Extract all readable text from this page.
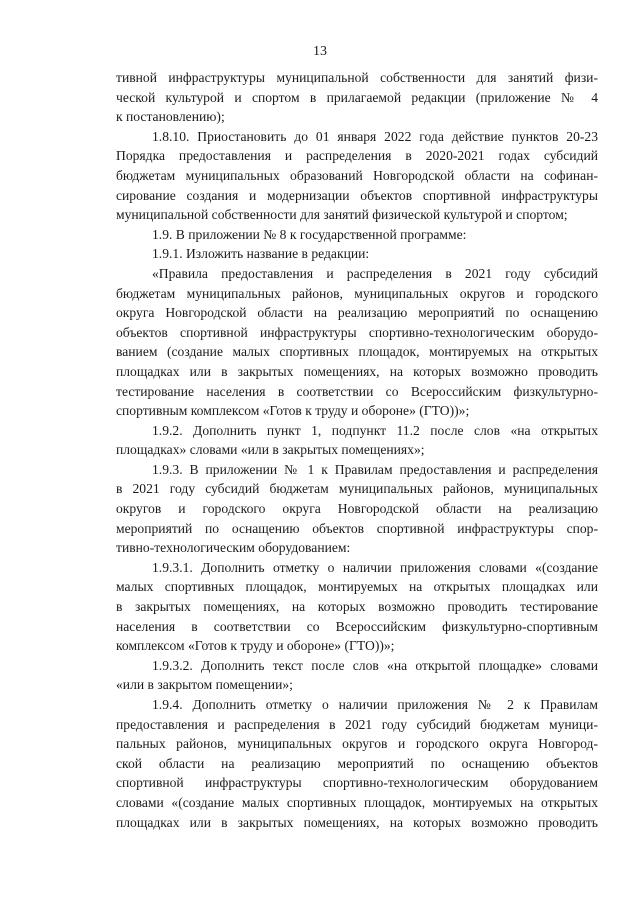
13
тивной инфраструктуры муниципальной собственности для занятий физи-
ческой культурой и спортом в прилагаемой редакции (приложение № 4
к постановлению);
1.8.10. Приостановить до 01 января 2022 года действие пунктов 20-23
Порядка предоставления и распределения в 2020-2021 годах субсидий
бюджетам муниципальных образований Новгородской области на софинан-
сирование создания и модернизации объектов спортивной инфраструктуры
муниципальной собственности для занятий физической культурой и спортом;
1.9. В приложении № 8 к государственной программе:
1.9.1. Изложить название в редакции:
«Правила предоставления и распределения в 2021 году субсидий
бюджетам муниципальных районов, муниципальных округов и городского
округа Новгородской области на реализацию мероприятий по оснащению
объектов спортивной инфраструктуры спортивно-технологическим оборудо-
ванием (создание малых спортивных площадок, монтируемых на открытых
площадках или в закрытых помещениях, на которых возможно проводить
тестирование населения в соответствии со Всероссийским физкультурно-
спортивным комплексом «Готов к труду и обороне» (ГТО))»;
1.9.2. Дополнить пункт 1, подпункт 11.2 после слов «на открытых
площадках» словами «или в закрытых помещениях»;
1.9.3. В приложении № 1 к Правилам предоставления и распределения
в 2021 году субсидий бюджетам муниципальных районов, муниципальных
округов и городского округа Новгородской области на реализацию
мероприятий по оснащению объектов спортивной инфраструктуры спор-
тивно-технологическим оборудованием:
1.9.3.1. Дополнить отметку о наличии приложения словами «(создание
малых спортивных площадок, монтируемых на открытых площадках или
в закрытых помещениях, на которых возможно проводить тестирование
населения в соответствии со Всероссийским физкультурно-спортивным
комплексом «Готов к труду и обороне» (ГТО))»;
1.9.3.2. Дополнить текст после слов «на открытой площадке» словами
«или в закрытом помещении»;
1.9.4. Дополнить отметку о наличии приложения № 2 к Правилам
предоставления и распределения в 2021 году субсидий бюджетам муници-
пальных районов, муниципальных округов и городского округа Новгород-
ской области на реализацию мероприятий по оснащению объектов
спортивной инфраструктуры спортивно-технологическим оборудованием
словами «(создание малых спортивных площадок, монтируемых на открытых
площадках или в закрытых помещениях, на которых возможно проводить
